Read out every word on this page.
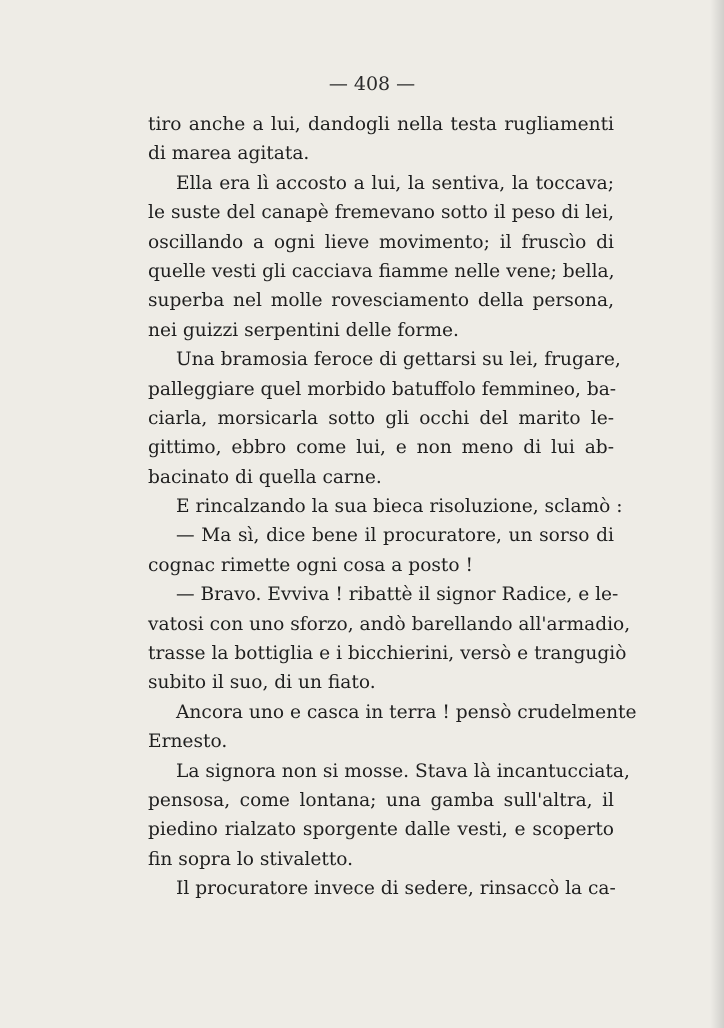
— 408 —
tiro anche a lui, dandogli nella testa rugliamenti
di marea agitata.
Ella era lì accosto a lui, la sentiva, la toccava;
le suste del canapè fremevano sotto il peso di lei,
oscillando a ogni lieve movimento; il fruscìo di
quelle vesti gli cacciava fiamme nelle vene; bella,
superba nel molle rovesciamento della persona,
nei guizzi serpentini delle forme.
Una bramosia feroce di gettarsi su lei, frugare,
palleggiare quel morbido batuffolo femmineo, ba-
ciarla, morsicarla sotto gli occhi del marito le-
gittimo, ebbro come lui, e non meno di lui ab-
bacinato di quella carne.
E rincalzando la sua bieca risoluzione, sclamò :
— Ma sì, dice bene il procuratore, un sorso di
cognac rimette ogni cosa a posto !
— Bravo. Evviva ! ribattè il signor Radice, e le-
vatosi con uno sforzo, andò barellando all'armadio,
trasse la bottiglia e i bicchierini, versò e trangugiò
subito il suo, di un fiato.
Ancora uno e casca in terra ! pensò crudelmente
Ernesto.
La signora non si mosse. Stava là incantucciata,
pensosa, come lontana; una gamba sull'altra, il
piedino rialzato sporgente dalle vesti, e scoperto
fin sopra lo stivaletto.
Il procuratore invece di sedere, rinsaccò la ca-
